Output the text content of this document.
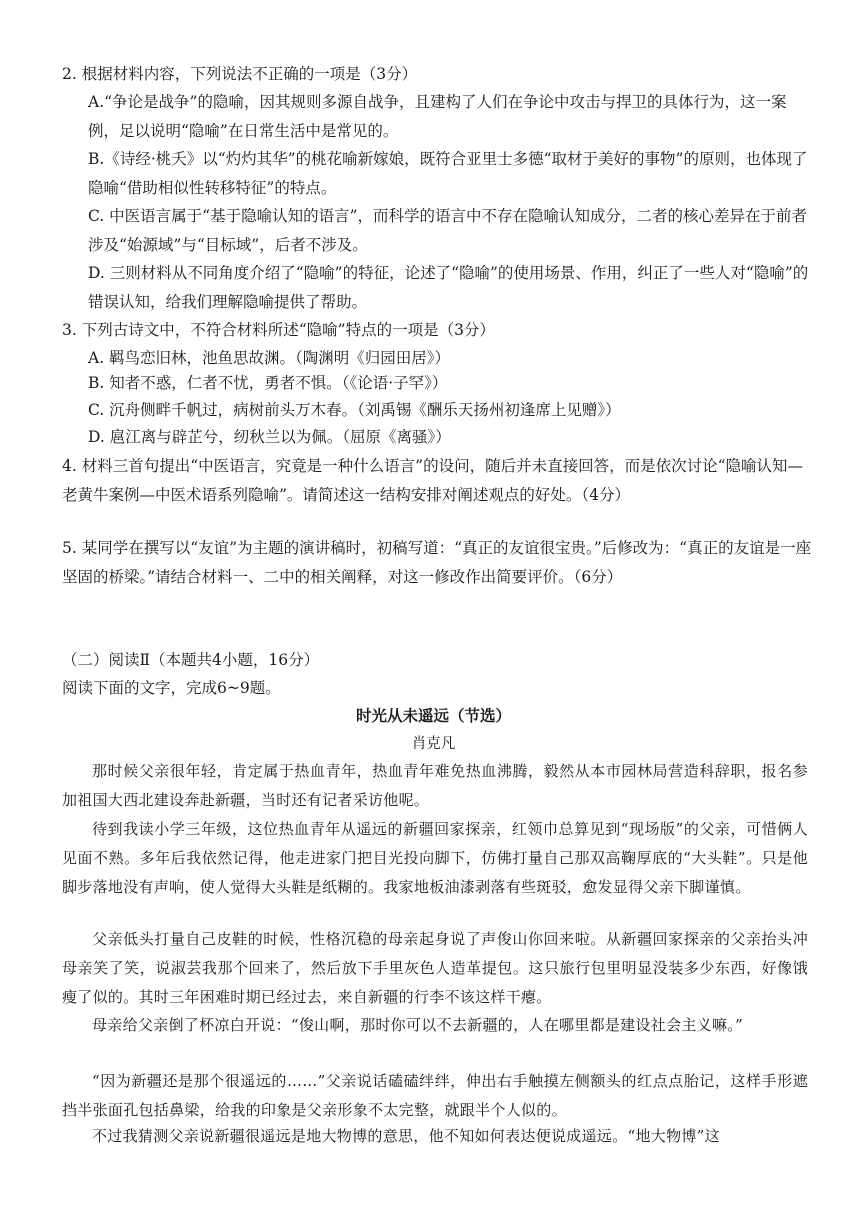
2. 根据材料内容，下列说法不正确的一项是（3分）
A.“争论是战争”的隐喻，因其规则多源自战争，且建构了人们在争论中攻击与捍卫的具体行为，这一案例，足以说明“隐喻”在日常生活中是常见的。
B.《诗经·桃夭》以“灼灼其华”的桃花喻新嫁娘，既符合亚里士多德“取材于美好的事物”的原则，也体现了隐喻“借助相似性转移特征”的特点。
C. 中医语言属于“基于隐喻认知的语言”，而科学的语言中不存在隐喻认知成分，二者的核心差异在于前者涉及“始源域”与“目标域”，后者不涉及。
D. 三则材料从不同角度介绍了“隐喻”的特征，论述了“隐喻”的使用场景、作用，纠正了一些人对“隐喻”的错误认知，给我们理解隐喻提供了帮助。
3. 下列古诗文中，不符合材料所述“隐喻”特点的一项是（3分）
A. 羁鸟恋旧林，池鱼思故渊。（陶渊明《归园田居》）
B. 知者不惑，仁者不忧，勇者不惧。（《论语·子罕》）
C. 沉舟侧畔千帆过，病树前头万木春。（刘禹锡《酬乐天扬州初逢席上见赠》）
D. 扈江离与辟芷兮，纫秋兰以为佩。（屈原《离骚》）
4. 材料三首句提出“中医语言，究竟是一种什么语言”的设问，随后并未直接回答，而是依次讨论“隐喻认知—老黄牛案例—中医术语系列隐喻”。请简述这一结构安排对阐述观点的好处。（4分）
5. 某同学在撰写以“友谊”为主题的演讲稿时，初稿写道：“真正的友谊很宝贵。”后修改为：“真正的友谊是一座坚固的桥梁。”请结合材料一、二中的相关阐释，对这一修改作出简要评价。（6分）
（二）阅读Ⅱ（本题共4小题，16分）
阅读下面的文字，完成6~9题。
时光从未遥远（节选）
肖克凡
那时候父亲很年轻，肯定属于热血青年，热血青年难免热血沸腾，毅然从本市园林局营造科辞职，报名参加祖国大西北建设奔赴新疆，当时还有记者采访他呢。
待到我读小学三年级，这位热血青年从遥远的新疆回家探亲，红领巾总算见到“现场版”的父亲，可惜俩人见面不熟。多年后我依然记得，他走进家门把目光投向脚下，仿佛打量自己那双高鞠厚底的“大头鞋”。只是他脚步落地没有声响，使人觉得大头鞋是纸糊的。我家地板油漆剥落有些斑驳，愈发显得父亲下脚谨慎。
父亲低头打量自己皮鞋的时候，性格沉稳的母亲起身说了声俊山你回来啦。从新疆回家探亲的父亲抬头冲母亲笑了笑，说淑芸我那个回来了，然后放下手里灰色人造革提包。这只旅行包里明显没装多少东西，好像饿瘦了似的。其时三年困难时期已经过去，来自新疆的行李不该这样干瘪。
母亲给父亲倒了杯凉白开说：“俊山啊，那时你可以不去新疆的，人在哪里都是建设社会主义嘛。”
“因为新疆还是那个很遥远的……”父亲说话磕磕绊绊，伸出右手触摸左侧额头的红点点胎记，这样手形遮挡半张面孔包括鼻梁，给我的印象是父亲形象不太完整，就跟半个人似的。
不过我猜测父亲说新疆很遥远是地大物博的意思，他不知如何表达便说成遥远。“地大物博”这
